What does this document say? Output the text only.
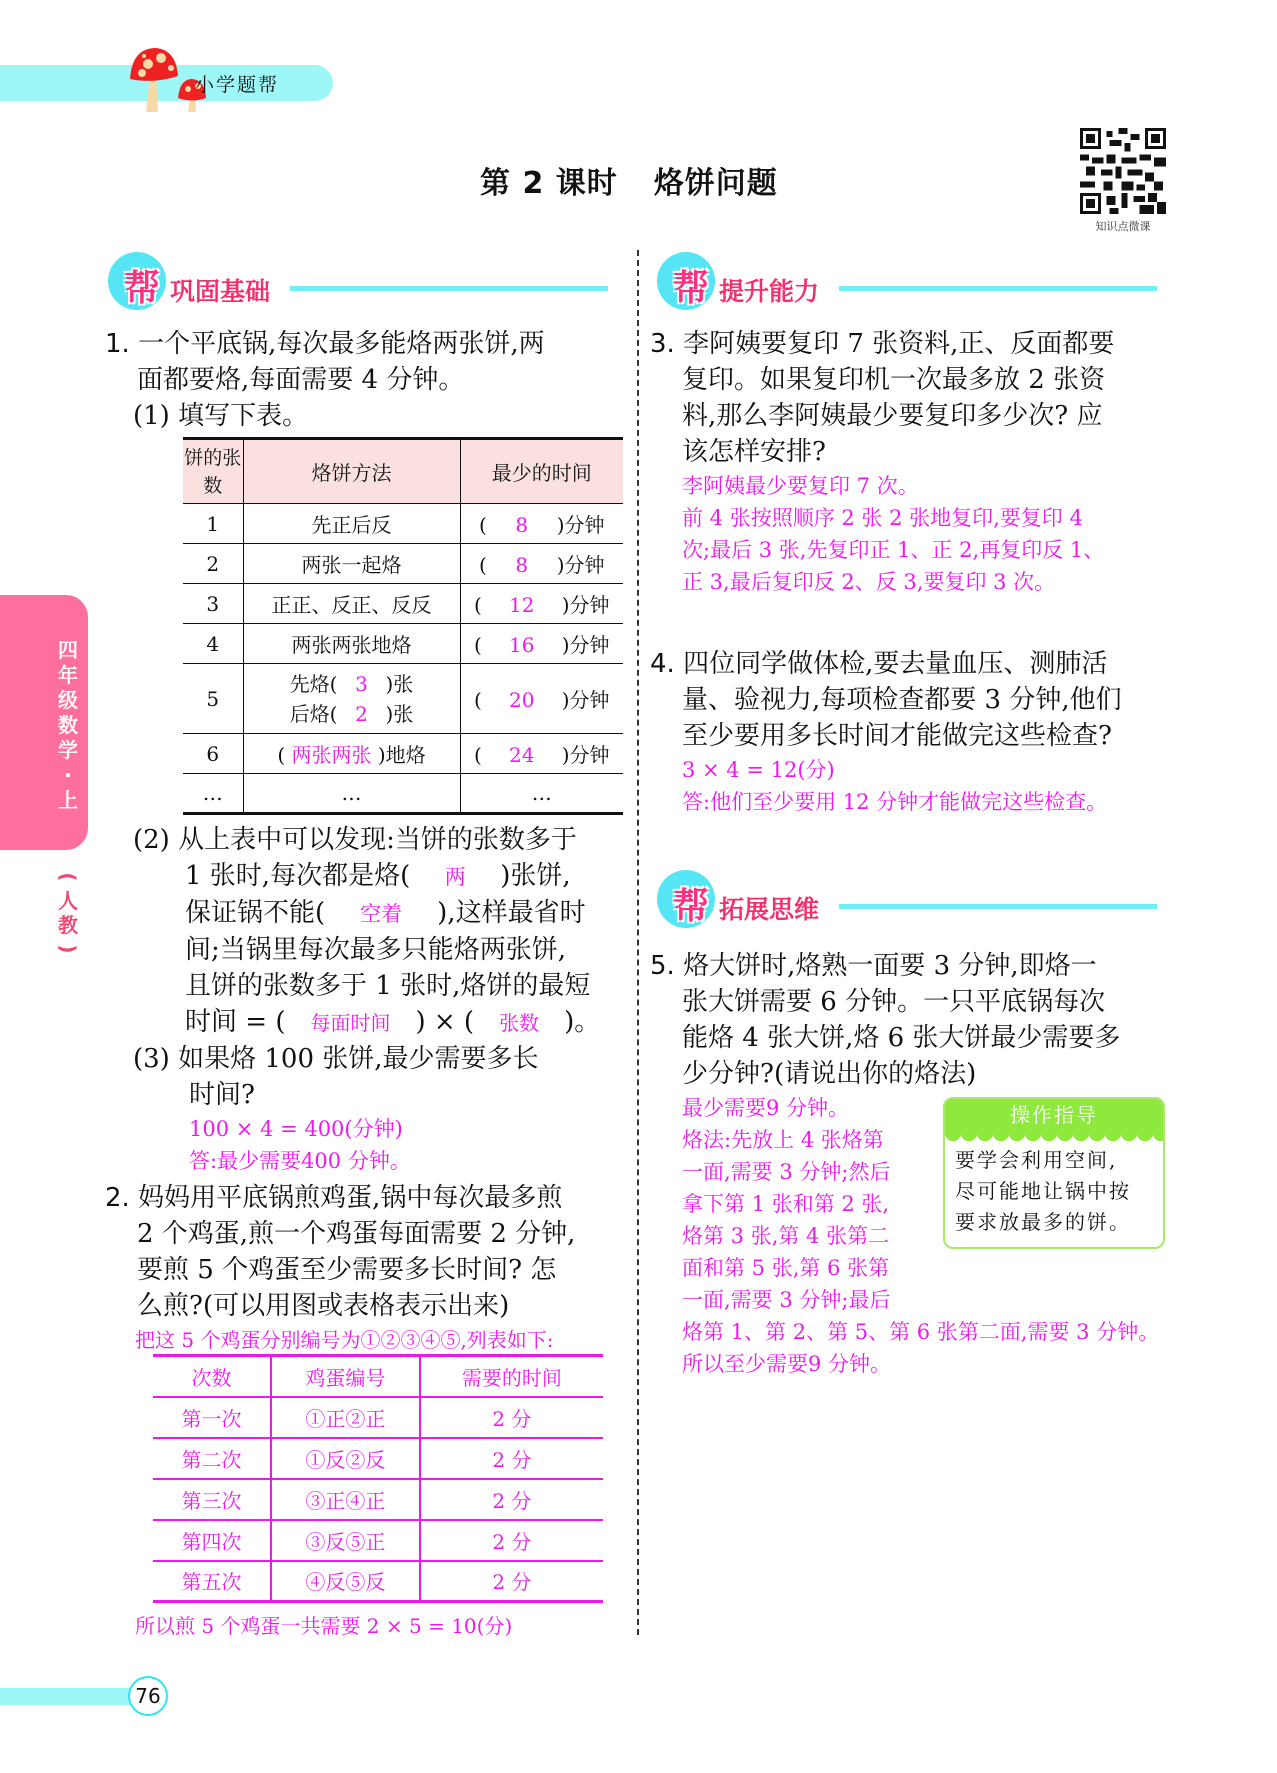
小学题帮
第 2 课时 烙饼问题
知识点微课
四
年
级
数
学
·
上
(
人
教
)
帮 巩固基础
1. 一个平底锅,每次最多能烙两张饼,两
面都要烙,每面需要 4 分钟。
(1) 填写下表。
饼的张数	烙饼方法	最少的时间
1	先正后反	( 8 )分钟
2	两张一起烙	( 8 )分钟
3	正正、反正、反反	( 12 )分钟
4	两张两张地烙	( 16 )分钟
5	先烙( 3 )张
后烙( 2 )张	( 20 )分钟
6	( 两张两张 )地烙	( 24 )分钟
…	…	…
(2) 从上表中可以发现:当饼的张数多于
1 张时,每次都是烙( 两 )张饼,
保证锅不能( 空着 ),这样最省时
间;当锅里每次最多只能烙两张饼,
且饼的张数多于 1 张时,烙饼的最短
时间 = ( 每面时间 ) × ( 张数 )。
(3) 如果烙 100 张饼,最少需要多长
时间?
100 × 4 = 400(分钟)
答:最少需要400 分钟。
2. 妈妈用平底锅煎鸡蛋,锅中每次最多煎
2 个鸡蛋,煎一个鸡蛋每面需要 2 分钟,
要煎 5 个鸡蛋至少需要多长时间? 怎
么煎?(可以用图或表格表示出来)
把这 5 个鸡蛋分别编号为①②③④⑤,列表如下:
次数	鸡蛋编号	需要的时间
第一次	①正②正	2 分
第二次	①反②反	2 分
第三次	③正④正	2 分
第四次	③反⑤正	2 分
第五次	④反⑤反	2 分
所以煎 5 个鸡蛋一共需要 2 × 5 = 10(分)
帮 提升能力
3. 李阿姨要复印 7 张资料,正、反面都要
复印。如果复印机一次最多放 2 张资
料,那么李阿姨最少要复印多少次? 应
该怎样安排?
李阿姨最少要复印 7 次。
前 4 张按照顺序 2 张 2 张地复印,要复印 4
次;最后 3 张,先复印正 1、正 2,再复印反 1、
正 3,最后复印反 2、反 3,要复印 3 次。
4. 四位同学做体检,要去量血压、测肺活
量、验视力,每项检查都要 3 分钟,他们
至少要用多长时间才能做完这些检查?
3 × 4 = 12(分)
答:他们至少要用 12 分钟才能做完这些检查。
帮 拓展思维
5. 烙大饼时,烙熟一面要 3 分钟,即烙一
张大饼需要 6 分钟。一只平底锅每次
能烙 4 张大饼,烙 6 张大饼最少需要多
少分钟?(请说出你的烙法)
最少需要9 分钟。
烙法:先放上 4 张烙第
一面,需要 3 分钟;然后
拿下第 1 张和第 2 张,
烙第 3 张,第 4 张第二
面和第 5 张,第 6 张第
一面,需要 3 分钟;最后
烙第 1、第 2、第 5、第 6 张第二面,需要 3 分钟。
所以至少需要9 分钟。
操作指导
要学会利用空间,
尽可能地让锅中按
要求放最多的饼。
76
